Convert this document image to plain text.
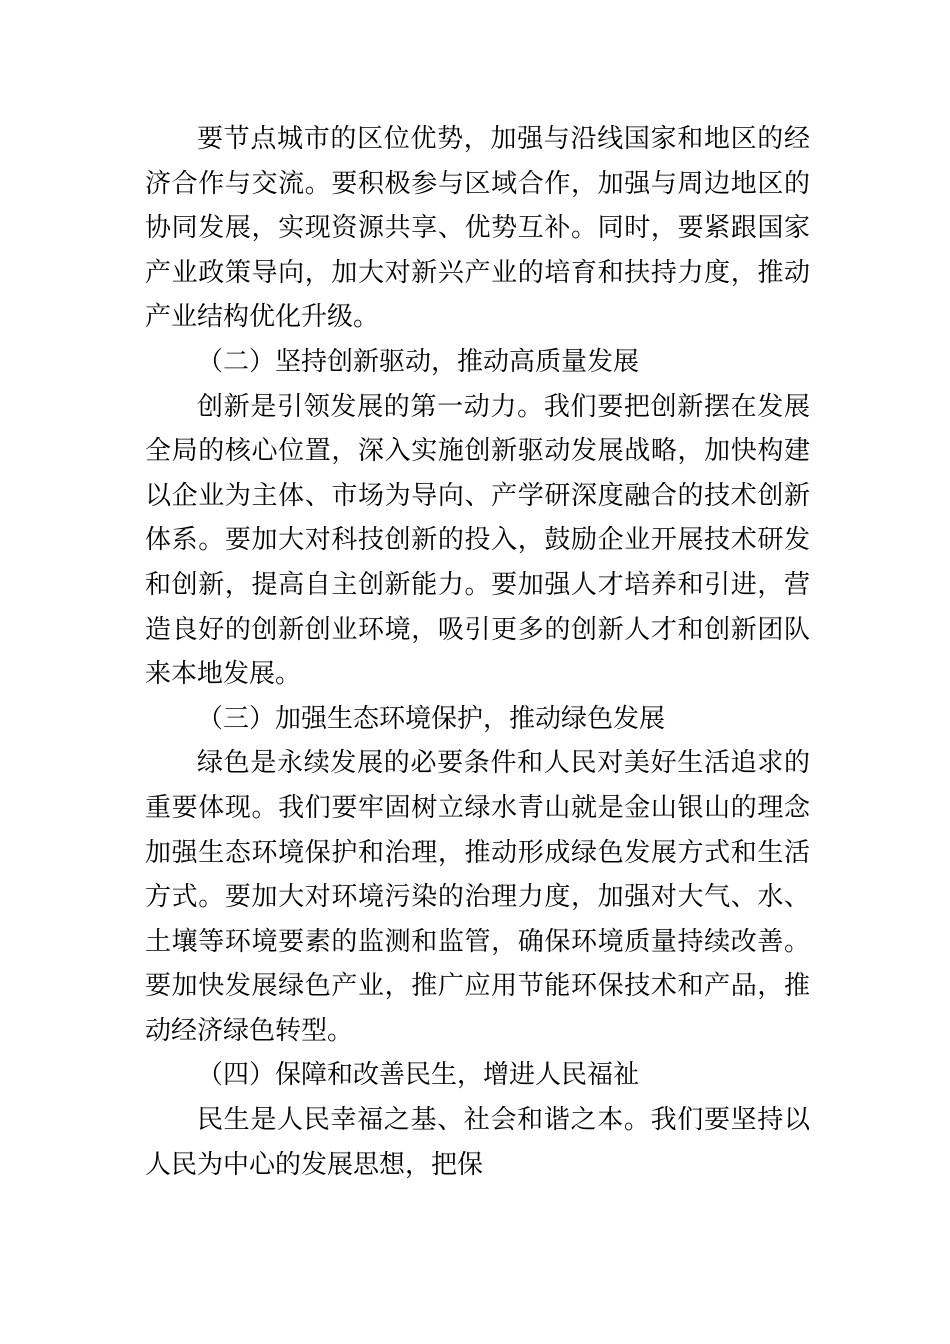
要节点城市的区位优势，加强与沿线国家和地区的经济合作与交流。要积极参与区域合作，加强与周边地区的协同发展，实现资源共享、优势互补。同时，要紧跟国家产业政策导向，加大对新兴产业的培育和扶持力度，推动产业结构优化升级。

（二）坚持创新驱动，推动高质量发展

创新是引领发展的第一动力。我们要把创新摆在发展全局的核心位置，深入实施创新驱动发展战略，加快构建以企业为主体、市场为导向、产学研深度融合的技术创新体系。要加大对科技创新的投入，鼓励企业开展技术研发和创新，提高自主创新能力。要加强人才培养和引进，营造良好的创新创业环境，吸引更多的创新人才和创新团队来本地发展。

（三）加强生态环境保护，推动绿色发展

绿色是永续发展的必要条件和人民对美好生活追求的重要体现。我们要牢固树立绿水青山就是金山银山的理念加强生态环境保护和治理，推动形成绿色发展方式和生活方式。要加大对环境污染的治理力度，加强对大气、水、土壤等环境要素的监测和监管，确保环境质量持续改善。要加快发展绿色产业，推广应用节能环保技术和产品，推动经济绿色转型。

（四）保障和改善民生，增进人民福祉

民生是人民幸福之基、社会和谐之本。我们要坚持以人民为中心的发展思想，把保
